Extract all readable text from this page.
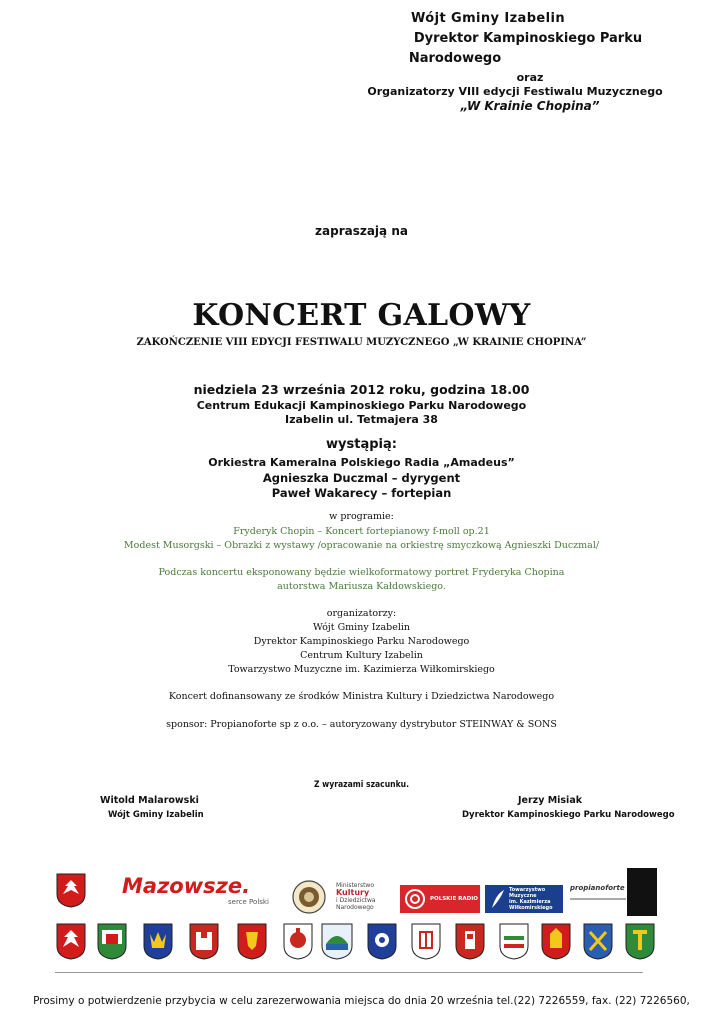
Wójt Gminy Izabelin
Dyrektor Kampinoskiego Parku
Narodowego
oraz
Organizatorzy VIII edycji Festiwalu Muzycznego
„W Krainie Chopina”
zapraszają na
KONCERT GALOWY
ZAKOŃCZENIE VIII EDYCJI FESTIWALU MUZYCZNEGO „W KRAINIE CHOPINA”
niedziela 23 września 2012 roku, godzina 18.00
Centrum Edukacji Kampinoskiego Parku Narodowego
Izabelin ul. Tetmajera 38
wystąpią:
Orkiestra Kameralna Polskiego Radia „Amadeus”
Agnieszka Duczmal – dyrygent
Paweł Wakarecy – fortepian
w programie:
Fryderyk Chopin – Koncert fortepianowy f-moll op.21
Modest Musorgski – Obrazki z wystawy /opracowanie na orkiestrę smyczkową Agnieszki Duczmal/
Podczas koncertu eksponowany będzie wielkoformatowy portret Fryderyka Chopina
autorstwa Mariusza Kałdowskiego.
organizatorzy:
Wójt Gminy Izabelin
Dyrektor Kampinoskiego Parku Narodowego
Centrum Kultury Izabelin
Towarzystwo Muzyczne im. Kazimierza Wiłkomirskiego
Koncert dofinansowany ze środków Ministra Kultury i Dziedzictwa Narodowego
sponsor: Propianoforte sp z o.o. – autoryzowany dystrybutor STEINWAY & SONS
Z wyrazami szacunku.
Witold Malarowski
Wójt Gminy Izabelin
Jerzy Misiak
Dyrektor Kampinoskiego Parku Narodowego
Mazowsze.
serce Polski
Ministerstwo
Kultury
i Dziedzictwa
Narodowego
POLSKIE RADIO
Towarzystwo
Muzyczne
im. Kazimierza
Wiłkomirskiego
propianoforte
Prosimy o potwierdzenie przybycia w celu zarezerwowania miejsca do dnia 20 września tel.(22) 7226559, fax. (22) 7226560,
